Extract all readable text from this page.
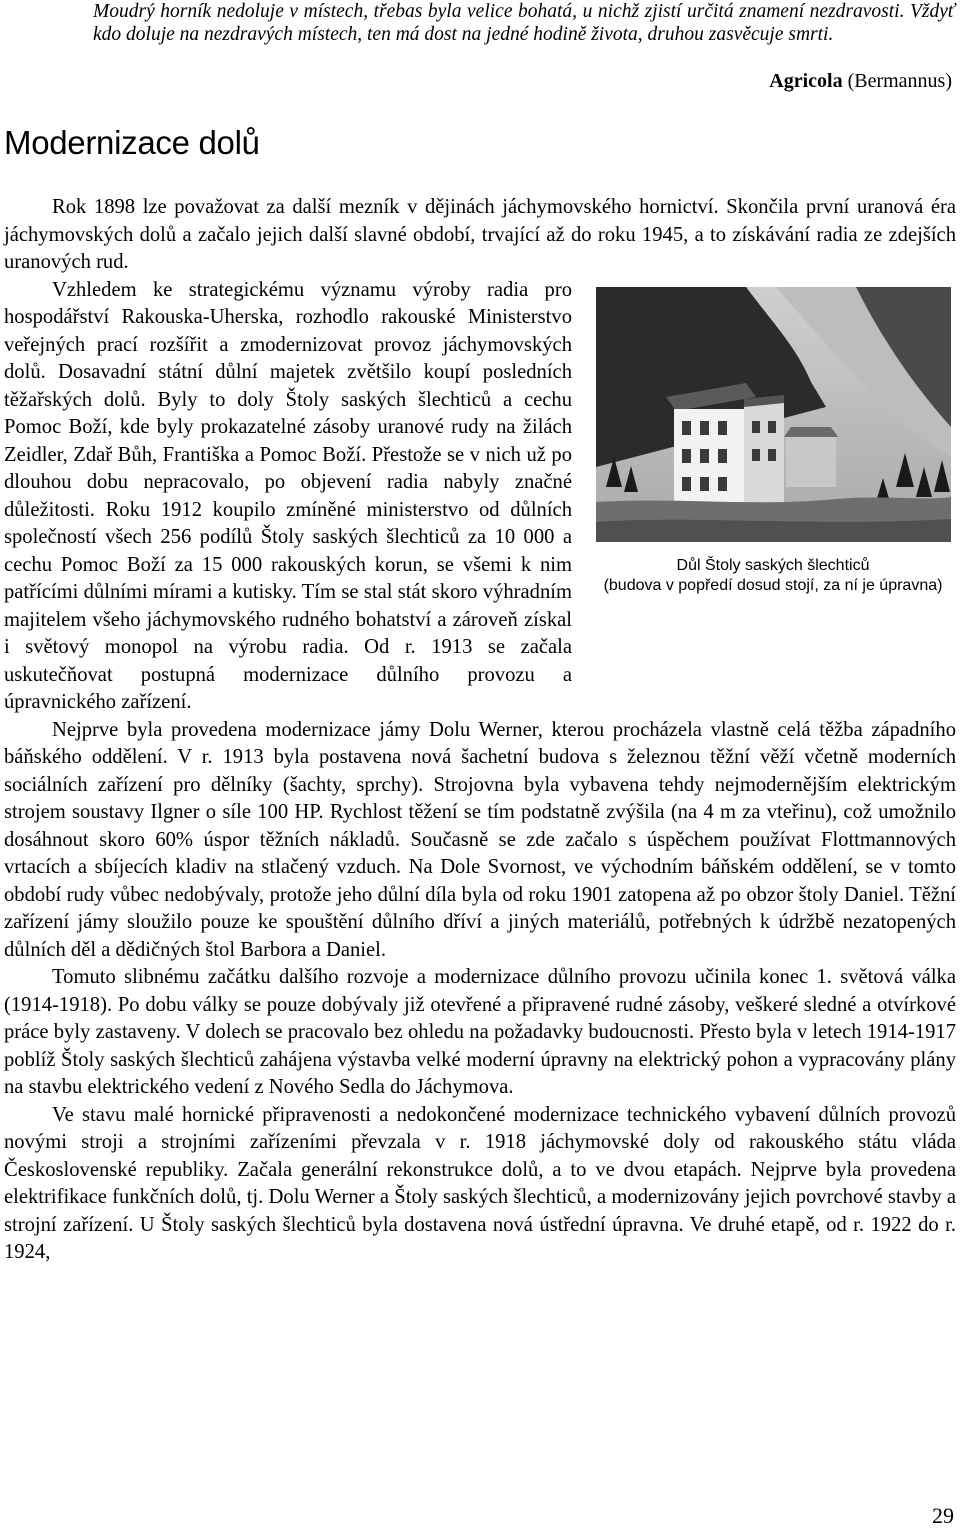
Moudrý horník nedoluje v místech, třebas byla velice bohatá, u nichž zjistí určitá znamení nezdravosti. Vždyť kdo doluje na nezdravých místech, ten má dost na jedné hodině života, druhou zasvěcuje smrti.
Agricola (Bermannus)
Modernizace dolů

Rok 1898 lze považovat za další mezník v dějinách jáchymovského hornictví. Skončila první uranová éra jáchymovských dolů a začalo jejich další slavné období, trvající až do roku 1945, a to získávání radia ze zdejších uranových rud.

Důl Štoly saských šlechticů
(budova v popředí dosud stojí, za ní je úpravna)

Vzhledem ke strategickému významu výroby radia pro hospodářství Rakouska-Uherska, rozhodlo rakouské Ministerstvo veřejných prací rozšířit a zmodernizovat provoz jáchymovských dolů. Dosavadní státní důlní majetek zvětšilo koupí posledních těžařských dolů. Byly to doly Štoly saských šlechticů a cechu Pomoc Boží, kde byly prokazatelné zásoby uranové rudy na žilách Zeidler, Zdař Bůh, Františka a Pomoc Boží. Přestože se v nich už po dlouhou dobu nepracovalo, po objevení radia nabyly značné důležitosti. Roku 1912 koupilo zmíněné ministerstvo od důlních společností všech 256 podílů Štoly saských šlechticů za 10 000 a cechu Pomoc Boží za 15 000 rakouských korun, se všemi k nim patřícími důlními mírami a kutisky. Tím se stal stát skoro výhradním majitelem všeho jáchymovského rudného bohatství a zároveň získal i světový monopol na výrobu radia. Od r. 1913 se začala uskutečňovat postupná modernizace důlního provozu a úpravnického zařízení.

Nejprve byla provedena modernizace jámy Dolu Werner, kterou procházela vlastně celá těžba západního báňského oddělení. V r. 1913 byla postavena nová šachetní budova s železnou těžní věží včetně moderních sociálních zařízení pro dělníky (šachty, sprchy). Strojovna byla vybavena tehdy nejmodernějším elektrickým strojem soustavy Ilgner o síle 100 HP. Rychlost těžení se tím podstatně zvýšila (na 4 m za vteřinu), což umožnilo dosáhnout skoro 60% úspor těžních nákladů. Současně se zde začalo s úspěchem používat Flottmannových vrtacích a sbíjecích kladiv na stlačený vzduch. Na Dole Svornost, ve východním báňském oddělení, se v tomto období rudy vůbec nedobývaly, protože jeho důlní díla byla od roku 1901 zatopena až po obzor štoly Daniel. Těžní zařízení jámy sloužilo pouze ke spouštění důlního dříví a jiných materiálů, potřebných k údržbě nezatopených důlních děl a dědičných štol Barbora a Daniel.

Tomuto slibnému začátku dalšího rozvoje a modernizace důlního provozu učinila konec 1. světová válka (1914-1918). Po dobu války se pouze dobývaly již otevřené a připravené rudné zásoby, veškeré sledné a otvírkové práce byly zastaveny. V dolech se pracovalo bez ohledu na požadavky budoucnosti. Přesto byla v letech 1914-1917 poblíž Štoly saských šlechticů zahájena výstavba velké moderní úpravny na elektrický pohon a vypracovány plány na stavbu elektrického vedení z Nového Sedla do Jáchymova.

Ve stavu malé hornické připravenosti a nedokončené modernizace technického vybavení důlních provozů novými stroji a strojními zařízeními převzala v r. 1918 jáchymovské doly od rakouského státu vláda Československé republiky. Začala generální rekonstrukce dolů, a to ve dvou etapách. Nejprve byla provedena elektrifikace funkčních dolů, tj. Dolu Werner a Štoly saských šlechticů, a modernizovány jejich povrchové stavby a strojní zařízení. U Štoly saských šlechticů byla dostavena nová ústřední úpravna. Ve druhé etapě, od r. 1922 do r. 1924,

29
